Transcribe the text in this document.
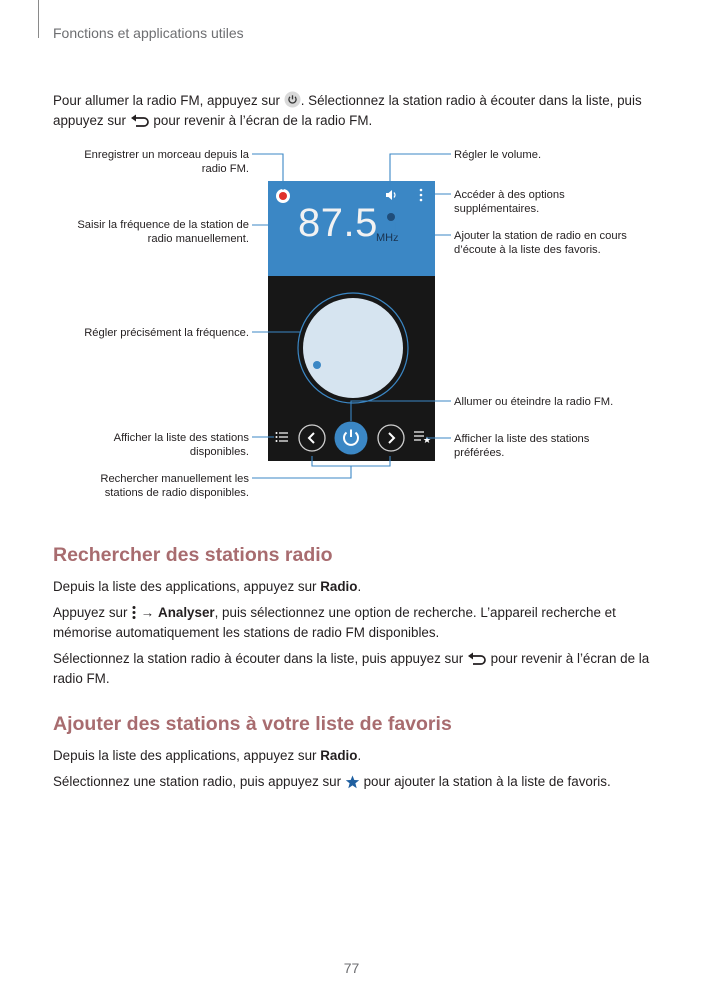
Fonctions et applications utiles
Pour allumer la radio FM, appuyez sur . Sélectionnez la station radio à écouter dans la liste, puis
appuyez sur pour revenir à l’écran de la radio FM.
87.5
MHz
Enregistrer un morceau depuis la
radio FM.
Saisir la fréquence de la station de
radio manuellement.
Régler précisément la fréquence.
Afficher la liste des stations
disponibles.
Rechercher manuellement les
stations de radio disponibles.
Régler le volume.
Accéder à des options
supplémentaires.
Ajouter la station de radio en cours
d’écoute à la liste des favoris.
Allumer ou éteindre la radio FM.
Afficher la liste des stations
préférées.
Rechercher des stations radio
Depuis la liste des applications, appuyez sur Radio.
Appuyez sur → Analyser, puis sélectionnez une option de recherche. L’appareil recherche et
mémorise automatiquement les stations de radio FM disponibles.
Sélectionnez la station radio à écouter dans la liste, puis appuyez sur pour revenir à l’écran de la
radio FM.
Ajouter des stations à votre liste de favoris
Depuis la liste des applications, appuyez sur Radio.
Sélectionnez une station radio, puis appuyez sur pour ajouter la station à la liste de favoris.
77
